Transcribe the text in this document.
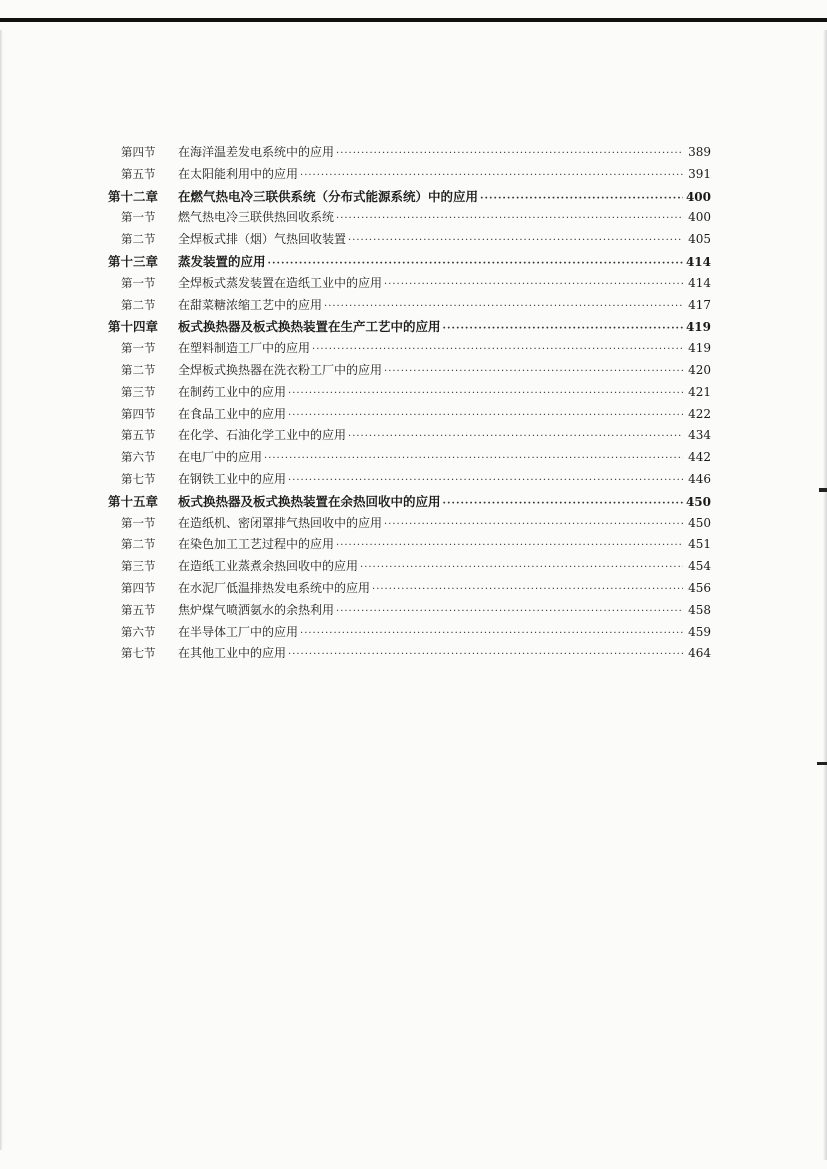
第四节	在海洋温差发电系统中的应用 ·····	389
第五节	在太阳能利用中的应用 ·····	391
第十二章	在燃气热电冷三联供系统（分布式能源系统）中的应用 ·····	400
第一节	燃气热电冷三联供热回收系统 ·····	400
第二节	全焊板式排（烟）气热回收装置 ·····	405
第十三章	蒸发装置的应用 ·····	414
第一节	全焊板式蒸发装置在造纸工业中的应用 ·····	414
第二节	在甜菜糖浓缩工艺中的应用 ·····	417
第十四章	板式换热器及板式换热装置在生产工艺中的应用 ·····	419
第一节	在塑料制造工厂中的应用 ·····	419
第二节	全焊板式换热器在洗衣粉工厂中的应用 ·····	420
第三节	在制药工业中的应用 ·····	421
第四节	在食品工业中的应用 ·····	422
第五节	在化学、石油化学工业中的应用 ·····	434
第六节	在电厂中的应用 ·····	442
第七节	在钢铁工业中的应用 ·····	446
第十五章	板式换热器及板式换热装置在余热回收中的应用 ·····	450
第一节	在造纸机、密闭罩排气热回收中的应用 ·····	450
第二节	在染色加工工艺过程中的应用 ·····	451
第三节	在造纸工业蒸煮余热回收中的应用 ·····	454
第四节	在水泥厂低温排热发电系统中的应用 ·····	456
第五节	焦炉煤气喷洒氨水的余热利用 ·····	458
第六节	在半导体工厂中的应用 ·····	459
第七节	在其他工业中的应用 ·····	464
